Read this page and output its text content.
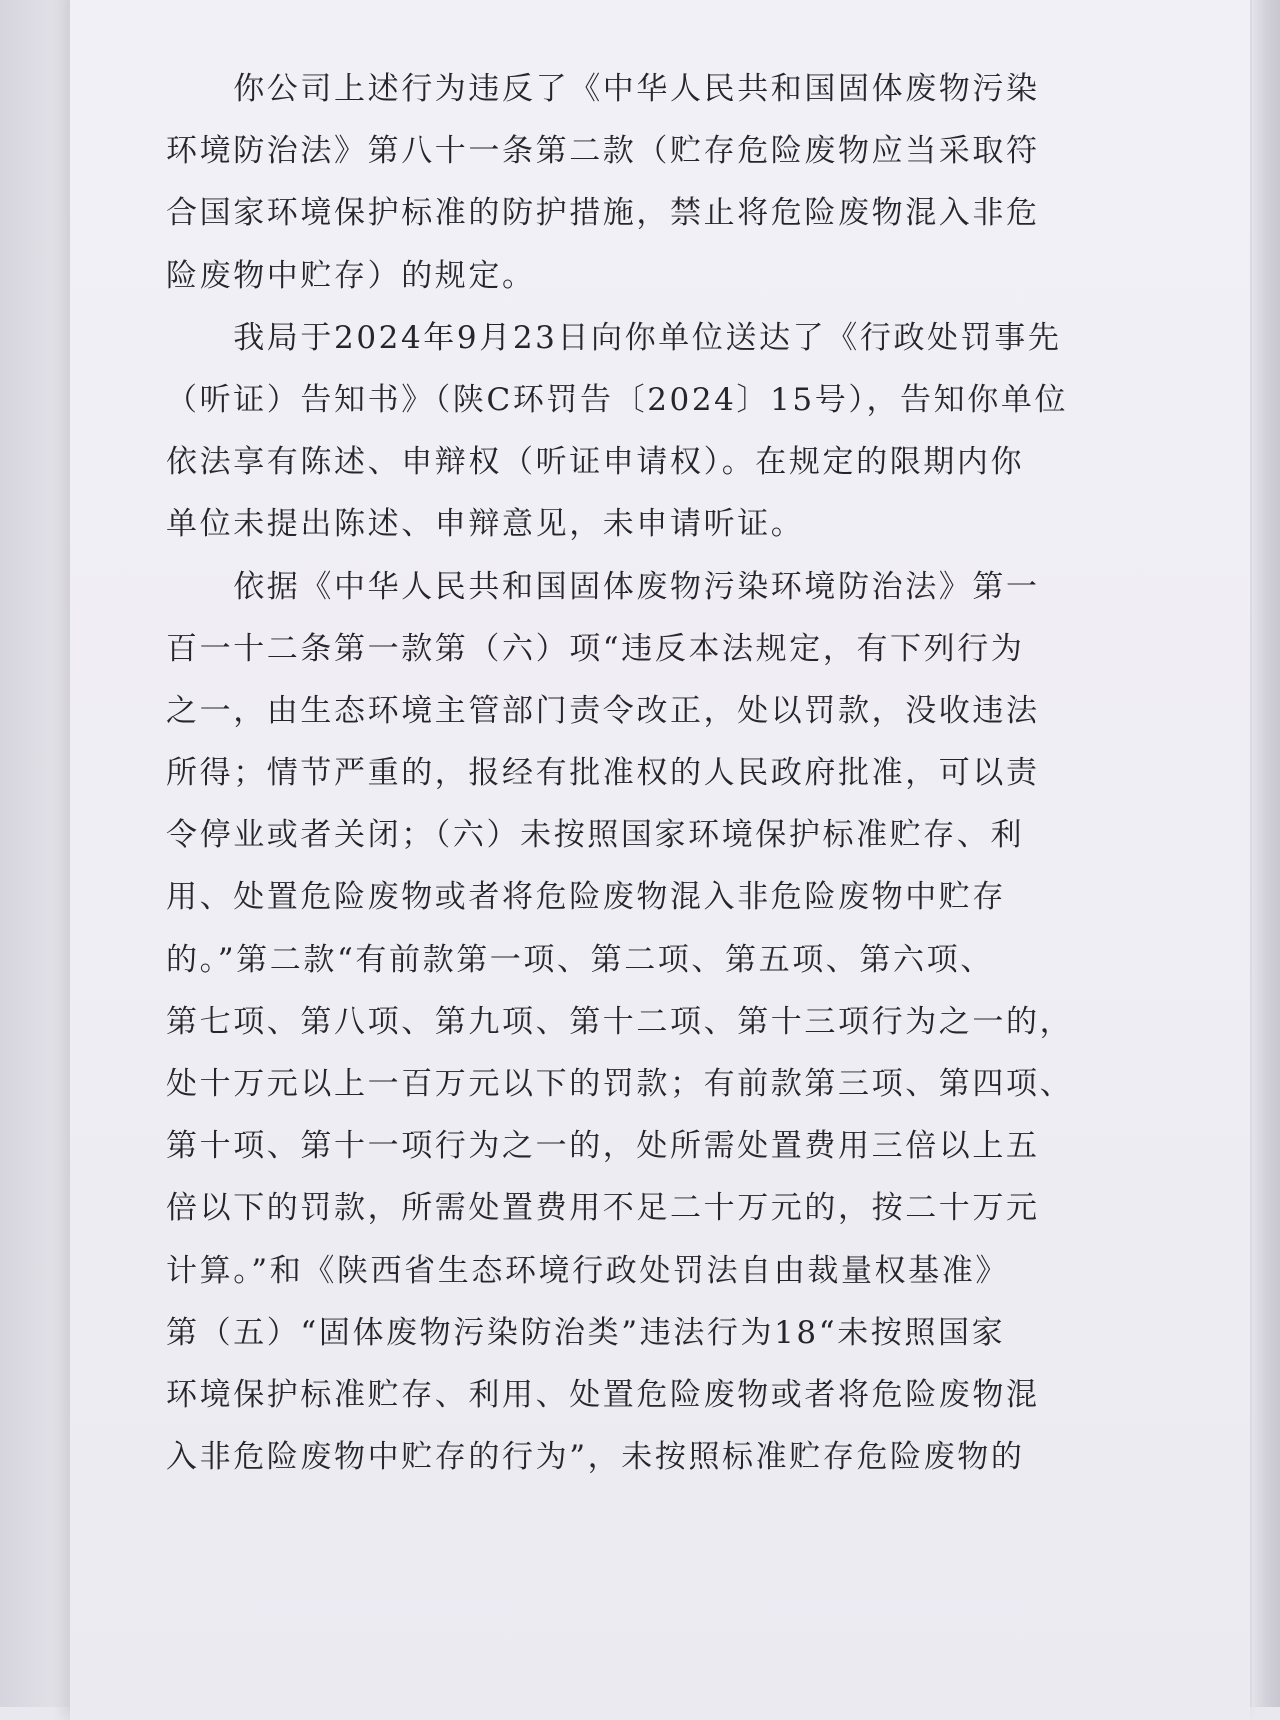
　　你公司上述行为违反了《中华人民共和国固体废物污染
环境防治法》第八十一条第二款（贮存危险废物应当采取符
合国家环境保护标准的防护措施，禁止将危险废物混入非危
险废物中贮存）的规定。
　　我局于2024年9月23日向你单位送达了《行政处罚事先
（听证）告知书》（陕C环罚告〔2024〕15号），告知你单位
依法享有陈述、申辩权（听证申请权）。在规定的限期内你
单位未提出陈述、申辩意见，未申请听证。
　　依据《中华人民共和国固体废物污染环境防治法》第一
百一十二条第一款第（六）项“违反本法规定，有下列行为
之一，由生态环境主管部门责令改正，处以罚款，没收违法
所得；情节严重的，报经有批准权的人民政府批准，可以责
令停业或者关闭；（六）未按照国家环境保护标准贮存、利
用、处置危险废物或者将危险废物混入非危险废物中贮存
的。”第二款“有前款第一项、第二项、第五项、第六项、
第七项、第八项、第九项、第十二项、第十三项行为之一的，
处十万元以上一百万元以下的罚款；有前款第三项、第四项、
第十项、第十一项行为之一的，处所需处置费用三倍以上五
倍以下的罚款，所需处置费用不足二十万元的，按二十万元
计算。”和《陕西省生态环境行政处罚法自由裁量权基准》
第（五）“固体废物污染防治类”违法行为18“未按照国家
环境保护标准贮存、利用、处置危险废物或者将危险废物混
入非危险废物中贮存的行为”，未按照标准贮存危险废物的
